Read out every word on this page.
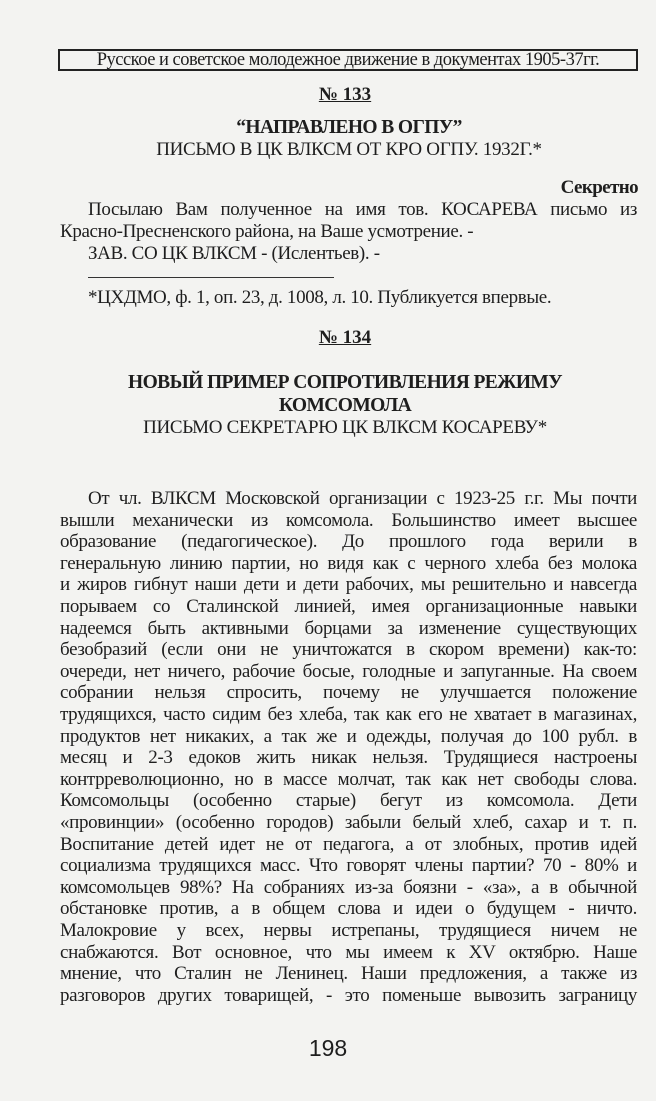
Русское и советское молодежное движение в документах 1905-37гг.
№ 133
“НАПРАВЛЕНО В ОГПУ”
ПИСЬМО В ЦК ВЛКСМ ОТ КРО ОГПУ. 1932Г.*
Секретно
Посылаю Вам полученное на имя тов. КОСАРЕВА письмо из
Красно-Пресненского района, на Ваше усмотрение. -
ЗАВ. СО ЦК ВЛКСМ - (Ислентьев). -
*ЦХДМО, ф. 1, оп. 23, д. 1008, л. 10. Публикуется впервые.
№ 134
НОВЫЙ ПРИМЕР СОПРОТИВЛЕНИЯ РЕЖИМУ
КОМСОМОЛА
ПИСЬМО СЕКРЕТАРЮ ЦК ВЛКСМ КОСАРЕВУ*
От чл. ВЛКСМ Московской организации с 1923-25 г.г. Мы почти
вышли механически из комсомола. Большинство имеет высшее
образование (педагогическое). До прошлого года верили в
генеральную линию партии, но видя как с черного хлеба без молока
и жиров гибнут наши дети и дети рабочих, мы решительно и навсегда
порываем со Сталинской линией, имея организационные навыки
надеемся быть активными борцами за изменение существующих
безобразий (если они не уничтожатся в скором времени) как-то:
очереди, нет ничего, рабочие босые, голодные и запуганные. На своем
собрании нельзя спросить, почему не улучшается положение
трудящихся, часто сидим без хлеба, так как его не хватает в магазинах,
продуктов нет никаких, а так же и одежды, получая до 100 рубл. в
месяц и 2-3 едоков жить никак нельзя. Трудящиеся настроены
контрреволюционно, но в массе молчат, так как нет свободы слова.
Комсомольцы (особенно старые) бегут из комсомола. Дети
«провинции» (особенно городов) забыли белый хлеб, сахар и т. п.
Воспитание детей идет не от педагога, а от злобных, против идей
социализма трудящихся масс. Что говорят члены партии? 70 - 80% и
комсомольцев 98%? На собраниях из-за боязни - «за», а в обычной
обстановке против, а в общем слова и идеи о будущем - ничто.
Малокровие у всех, нервы истрепаны, трудящиеся ничем не
снабжаются. Вот основное, что мы имеем к XV октябрю. Наше
мнение, что Сталин не Ленинец. Наши предложения, а также из
разговоров других товарищей, - это поменьше вывозить заграницу
198
